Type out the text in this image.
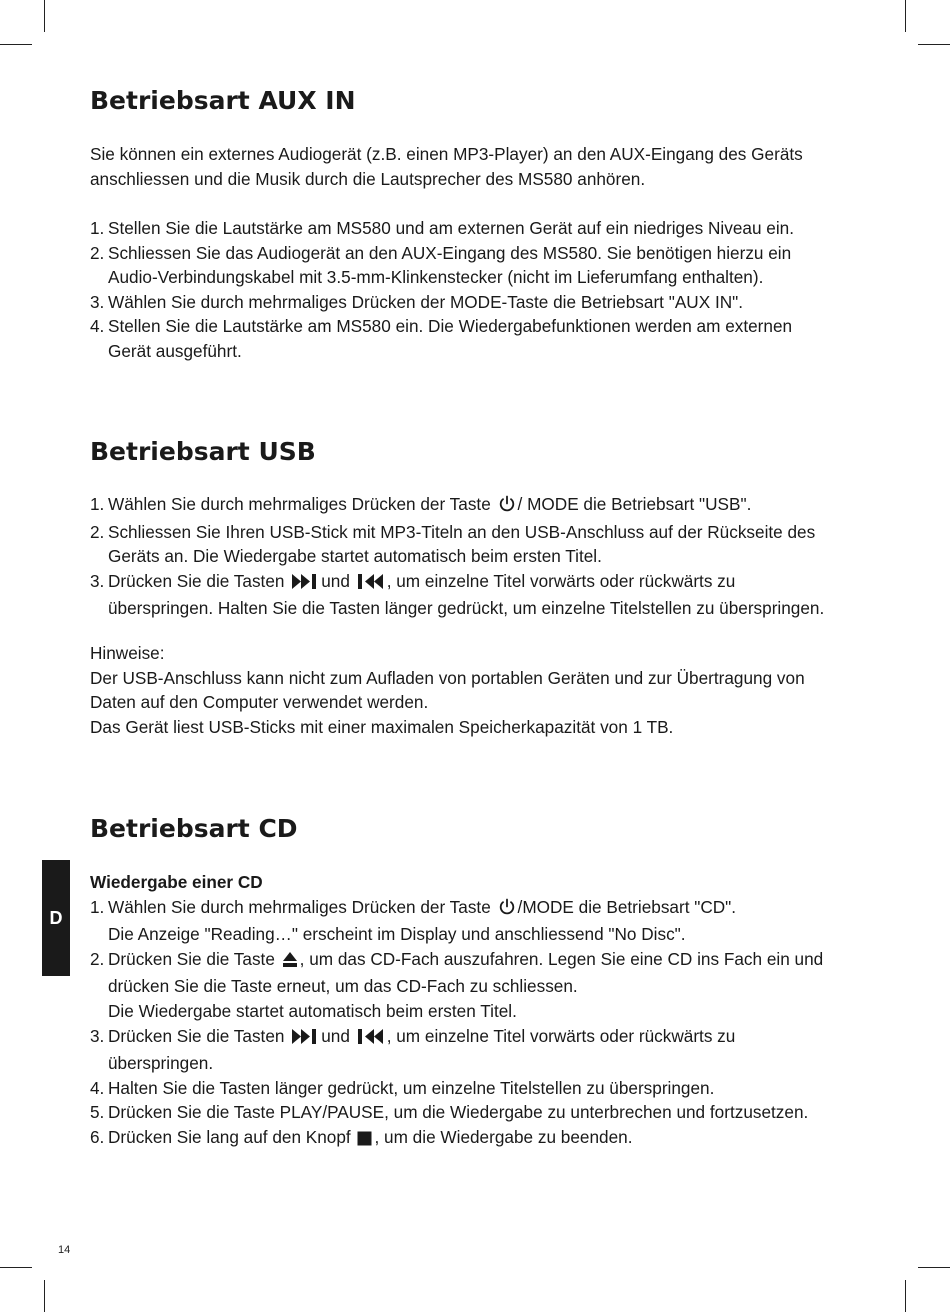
Betriebsart AUX IN
Sie können ein externes Audiogerät (z.B. einen MP3-Player) an den AUX-Eingang des Geräts
anschliessen und die Musik durch die Lautsprecher des MS580 anhören.
1. Stellen Sie die Lautstärke am MS580 und am externen Gerät auf ein niedriges Niveau ein.
2. Schliessen Sie das Audiogerät an den AUX-Eingang des MS580. Sie benötigen hierzu ein
Audio-Verbindungskabel mit 3.5-mm-Klinkenstecker (nicht im Lieferumfang enthalten).
3. Wählen Sie durch mehrmaliges Drücken der MODE-Taste die Betriebsart "AUX IN".
4. Stellen Sie die Lautstärke am MS580 ein. Die Wiedergabefunktionen werden am externen
Gerät ausgeführt.
Betriebsart USB
1. Wählen Sie durch mehrmaliges Drücken der Taste / MODE die Betriebsart "USB".
2. Schliessen Sie Ihren USB-Stick mit MP3-Titeln an den USB-Anschluss auf der Rückseite des
Geräts an. Die Wiedergabe startet automatisch beim ersten Titel.
3. Drücken Sie die Tasten und , um einzelne Titel vorwärts oder rückwärts zu
überspringen. Halten Sie die Tasten länger gedrückt, um einzelne Titelstellen zu überspringen.
Hinweise:
Der USB-Anschluss kann nicht zum Aufladen von portablen Geräten und zur Übertragung von
Daten auf den Computer verwendet werden.
Das Gerät liest USB-Sticks mit einer maximalen Speicherkapazität von 1 TB.
Betriebsart CD
Wiedergabe einer CD
1. Wählen Sie durch mehrmaliges Drücken der Taste /MODE die Betriebsart "CD".
Die Anzeige "Reading…" erscheint im Display und anschliessend "No Disc".
2. Drücken Sie die Taste , um das CD-Fach auszufahren. Legen Sie eine CD ins Fach ein und
drücken Sie die Taste erneut, um das CD-Fach zu schliessen.
Die Wiedergabe startet automatisch beim ersten Titel.
3. Drücken Sie die Tasten und , um einzelne Titel vorwärts oder rückwärts zu
überspringen.
4. Halten Sie die Tasten länger gedrückt, um einzelne Titelstellen zu überspringen.
5. Drücken Sie die Taste PLAY/PAUSE, um die Wiedergabe zu unterbrechen und fortzusetzen.
6. Drücken Sie lang auf den Knopf , um die Wiedergabe zu beenden.
D
14
